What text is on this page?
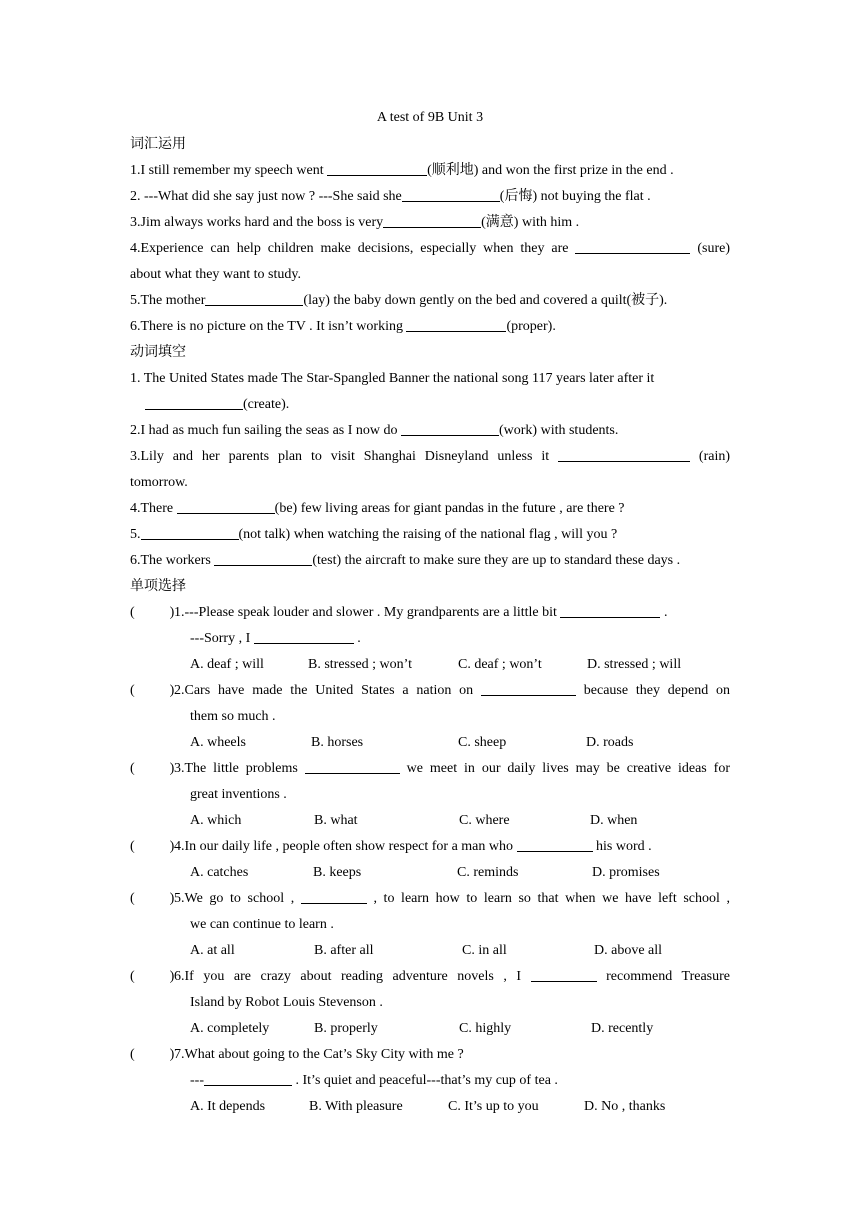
A test of 9B Unit 3
词汇运用
1.I still remember my speech went	(顺利地) and won the first prize in the end .
2. ---What did she say just now ? ---She said she	(后悔) not buying the flat .
3.Jim always works hard and the boss is very	(满意) with him .
4.Experience can help children make decisions, especially when they are	(sure)
about what they want to study.
5.The mother	(lay) the baby down gently on the bed and covered a quilt(被子).
6.There is no picture on the TV . It isn’t working	(proper).
动词填空
1. The United States made The Star-Spangled Banner the national song 117 years later after it
(create).
2.I had as much fun sailing the seas as I now do	(work) with students.
3.Lily and her parents plan to visit Shanghai Disneyland unless it	(rain)
tomorrow.
4.There	(be) few living areas for giant pandas in the future , are there ?
5.	(not talk) when watching the raising of the national flag , will you ?
6.The workers	(test) the aircraft to make sure they are up to standard these days .
单项选择
(          ) 1.---Please speak louder and slower . My grandparents are a little bit	.
---Sorry , I	.
A. deaf ; will	B. stressed ; won’t	C. deaf ; won’t	D. stressed ; will
(          ) 2.Cars have made the United States a nation on	because they depend on
them so much .
A. wheels	B. horses	C. sheep	D. roads
(          ) 3.The little problems	we meet in our daily lives may be creative ideas for
great inventions .
A. which	B. what	C. where	D. when
(          ) 4.In our daily life , people often show respect for a man who	his word .
A. catches	B. keeps	C. reminds	D. promises
(          ) 5.We go to school ,	, to learn how to learn so that when we have left school ,
we can continue to learn .
A. at all	B. after all	C. in all	D. above all
(          ) 6.If you are crazy about reading adventure novels , I	recommend Treasure
Island by Robot Louis Stevenson .
A. completely	B. properly	C. highly	D. recently
(          ) 7.What about going to the Cat’s Sky City with me ?
---	. It’s quiet and peaceful---that’s my cup of tea .
A. It depends	B. With pleasure	C. It’s up to you	D. No , thanks
